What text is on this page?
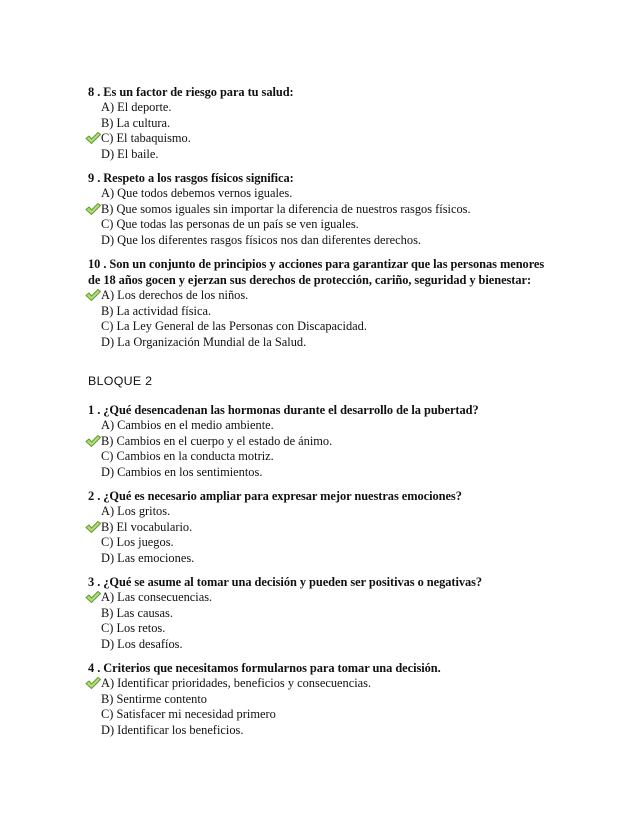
8 . Es un factor de riesgo para tu salud:
A) El deporte.
B) La cultura.
C) El tabaquismo.
D) El baile.
9 . Respeto a los rasgos físicos significa:
A) Que todos debemos vernos iguales.
B) Que somos iguales sin importar la diferencia de nuestros rasgos físicos.
C) Que todas las personas de un país se ven iguales.
D) Que los diferentes rasgos físicos nos dan diferentes derechos.
10 . Son un conjunto de principios y acciones para garantizar que las personas menores de 18 años gocen y ejerzan sus derechos de protección, cariño, seguridad y bienestar:
A) Los derechos de los niños.
B) La actividad física.
C) La Ley General de las Personas con Discapacidad.
D) La Organización Mundial de la Salud.
BLOQUE 2
1 . ¿Qué desencadenan las hormonas durante el desarrollo de la pubertad?
A) Cambios en el medio ambiente.
B) Cambios en el cuerpo y el estado de ánimo.
C) Cambios en la conducta motriz.
D) Cambios en los sentimientos.
2 . ¿Qué es necesario ampliar para expresar mejor nuestras emociones?
A) Los gritos.
B) El vocabulario.
C) Los juegos.
D) Las emociones.
3 . ¿Qué se asume al tomar una decisión y pueden ser positivas o negativas?
A) Las consecuencias.
B) Las causas.
C) Los retos.
D) Los desafíos.
4 . Criterios que necesitamos formularnos para tomar una decisión.
A) Identificar prioridades, beneficios y consecuencias.
B) Sentirme contento
C) Satisfacer mi necesidad primero
D) Identificar los beneficios.
